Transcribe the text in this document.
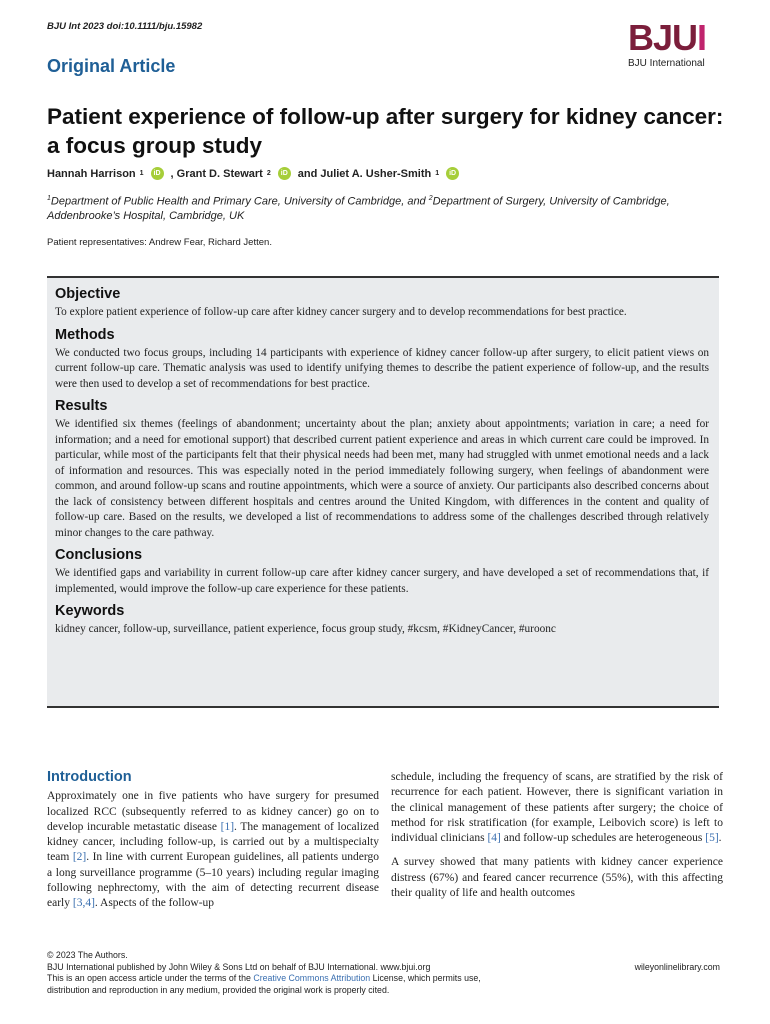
BJU Int 2023 doi:10.1111/bju.15982
Original Article
BJU I
BJU International
Patient experience of follow-up after surgery for kidney cancer: a focus group study
Hannah Harrison 1	iD , Grant D. Stewart 2	iD and Juliet A. Usher-Smith 1	iD
$^1$Department of Public Health and Primary Care, University of Cambridge, and $^2$Department of Surgery, University of Cambridge, Addenbrooke’s Hospital, Cambridge, UK
Patient representatives: Andrew Fear, Richard Jetten.
Objective

To explore patient experience of follow-up care after kidney cancer surgery and to develop recommendations for best practice.

Methods

We conducted two focus groups, including 14 participants with experience of kidney cancer follow-up after surgery, to elicit patient views on current follow-up care. Thematic analysis was used to identify unifying themes to describe the patient experience of follow-up, and the results were then used to develop a set of recommendations for best practice.

Results

We identified six themes (feelings of abandonment; uncertainty about the plan; anxiety about appointments; variation in care; a need for information; and a need for emotional support) that described current patient experience and areas in which current care could be improved. In particular, while most of the participants felt that their physical needs had been met, many had struggled with unmet emotional needs and a lack of information and resources. This was especially noted in the period immediately following surgery, when feelings of abandonment were common, and around follow-up scans and routine appointments, which were a source of anxiety. Our participants also described concerns about the lack of consistency between different hospitals and centres around the United Kingdom, with differences in the content and quality of follow-up care. Based on the results, we developed a list of recommendations to address some of the challenges described through relatively minor changes to the care pathway.

Conclusions

We identified gaps and variability in current follow-up care after kidney cancer surgery, and have developed a set of recommendations that, if implemented, would improve the follow-up care experience for these patients.

Keywords

kidney cancer, follow-up, surveillance, patient experience, focus group study, #kcsm, #KidneyCancer, #uroonc

Introduction

Approximately one in five patients who have surgery for presumed localized RCC (subsequently referred to as kidney cancer) go on to develop incurable metastatic disease [1]. The management of localized kidney cancer, including follow-up, is carried out by a multispecialty team [2]. In line with current European guidelines, all patients undergo a long surveillance programme (5–10 years) including regular imaging following nephrectomy, with the aim of detecting recurrent disease early [3,4]. Aspects of the follow-up

schedule, including the frequency of scans, are stratified by the risk of recurrence for each patient. However, there is significant variation in the clinical management of these patients after surgery; the choice of method for risk stratification (for example, Leibovich score) is left to individual clinicians [4] and follow-up schedules are heterogeneous [5].

A survey showed that many patients with kidney cancer experience distress (67%) and feared cancer recurrence (55%), with this affecting their quality of life and health outcomes

© 2023 The Authors.
BJU International published by John Wiley & Sons Ltd on behalf of BJU International. www.bjui.org
This is an open access article under the terms of the Creative Commons Attribution License, which permits use,
distribution and reproduction in any medium, provided the original work is properly cited.
wileyonlinelibrary.com
